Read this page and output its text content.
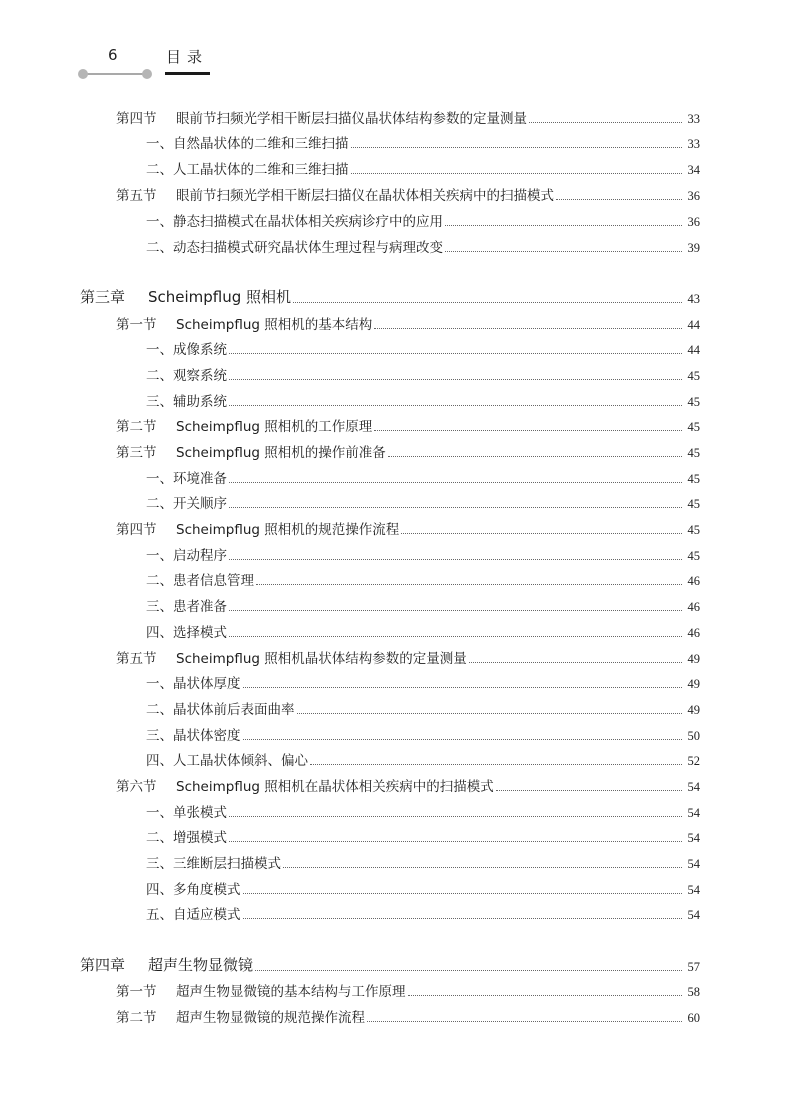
6	目录
第四节 眼前节扫频光学相干断层扫描仪晶状体结构参数的定量测量	33
一、自然晶状体的二维和三维扫描	33
二、人工晶状体的二维和三维扫描	34
第五节 眼前节扫频光学相干断层扫描仪在晶状体相关疾病中的扫描模式	36
一、静态扫描模式在晶状体相关疾病诊疗中的应用	36
二、动态扫描模式研究晶状体生理过程与病理改变	39
第三章 Scheimpflug 照相机	43
第一节 Scheimpflug 照相机的基本结构	44
一、成像系统	44
二、观察系统	45
三、辅助系统	45
第二节 Scheimpflug 照相机的工作原理	45
第三节 Scheimpflug 照相机的操作前准备	45
一、环境准备	45
二、开关顺序	45
第四节 Scheimpflug 照相机的规范操作流程	45
一、启动程序	45
二、患者信息管理	46
三、患者准备	46
四、选择模式	46
第五节 Scheimpflug 照相机晶状体结构参数的定量测量	49
一、晶状体厚度	49
二、晶状体前后表面曲率	49
三、晶状体密度	50
四、人工晶状体倾斜、偏心	52
第六节 Scheimpflug 照相机在晶状体相关疾病中的扫描模式	54
一、单张模式	54
二、增强模式	54
三、三维断层扫描模式	54
四、多角度模式	54
五、自适应模式	54
第四章 超声生物显微镜	57
第一节 超声生物显微镜的基本结构与工作原理	58
第二节 超声生物显微镜的规范操作流程	60
